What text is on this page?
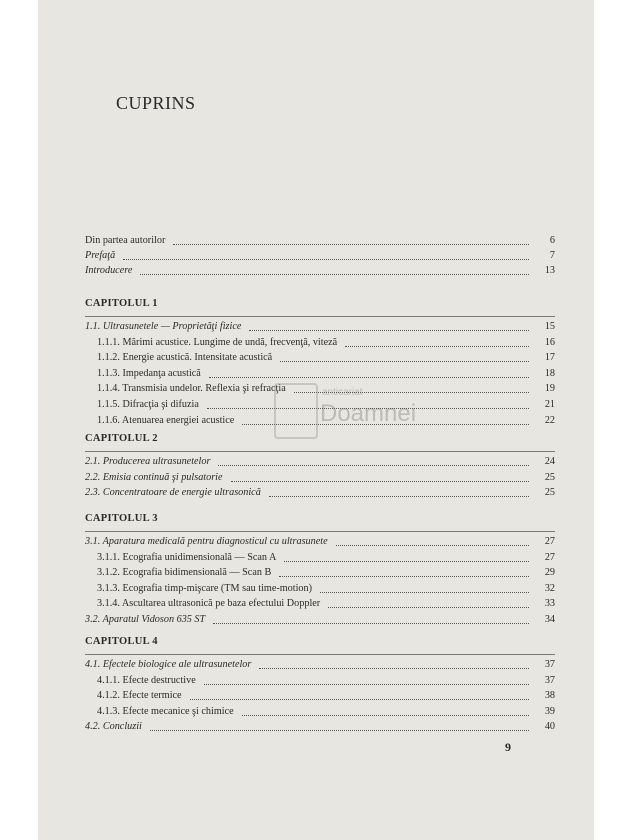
CUPRINS
Din partea autorilor	6
Prefaţă	7
Introducere	13
CAPITOLUL 1
1.1. Ultrasunetele — Proprietăţi fizice	15
1.1.1. Mărimi acustice. Lungime de undă, frecvenţă, viteză	16
1.1.2. Energie acustică. Intensitate acustică	17
1.1.3. Impedanţa acustică	18
1.1.4. Transmisia undelor. Reflexia şi refracţia	19
1.1.5. Difracţia şi difuzia	21
1.1.6. Atenuarea energiei acustice	22
CAPITOLUL 2
2.1. Producerea ultrasunetelor	24
2.2. Emisia continuă şi pulsatorie	25
2.3. Concentratoare de energie ultrasonică	25
CAPITOLUL 3
3.1. Aparatura medicală pentru diagnosticul cu ultrasunete	27
3.1.1. Ecografia unidimensională — Scan A	27
3.1.2. Ecografia bidimensională — Scan B	29
3.1.3. Ecografia timp-mişcare (TM sau time-motion)	32
3.1.4. Ascultarea ultrasonică pe baza efectului Doppler	33
3.2. Aparatul Vidoson 635 ST	34
CAPITOLUL 4
4.1. Efectele biologice ale ultrasunetelor	37
4.1.1. Efecte destructive	37
4.1.2. Efecte termice	38
4.1.3. Efecte mecanice şi chimice	39
4.2. Concluzii	40
anticariat
Doamnei
9
